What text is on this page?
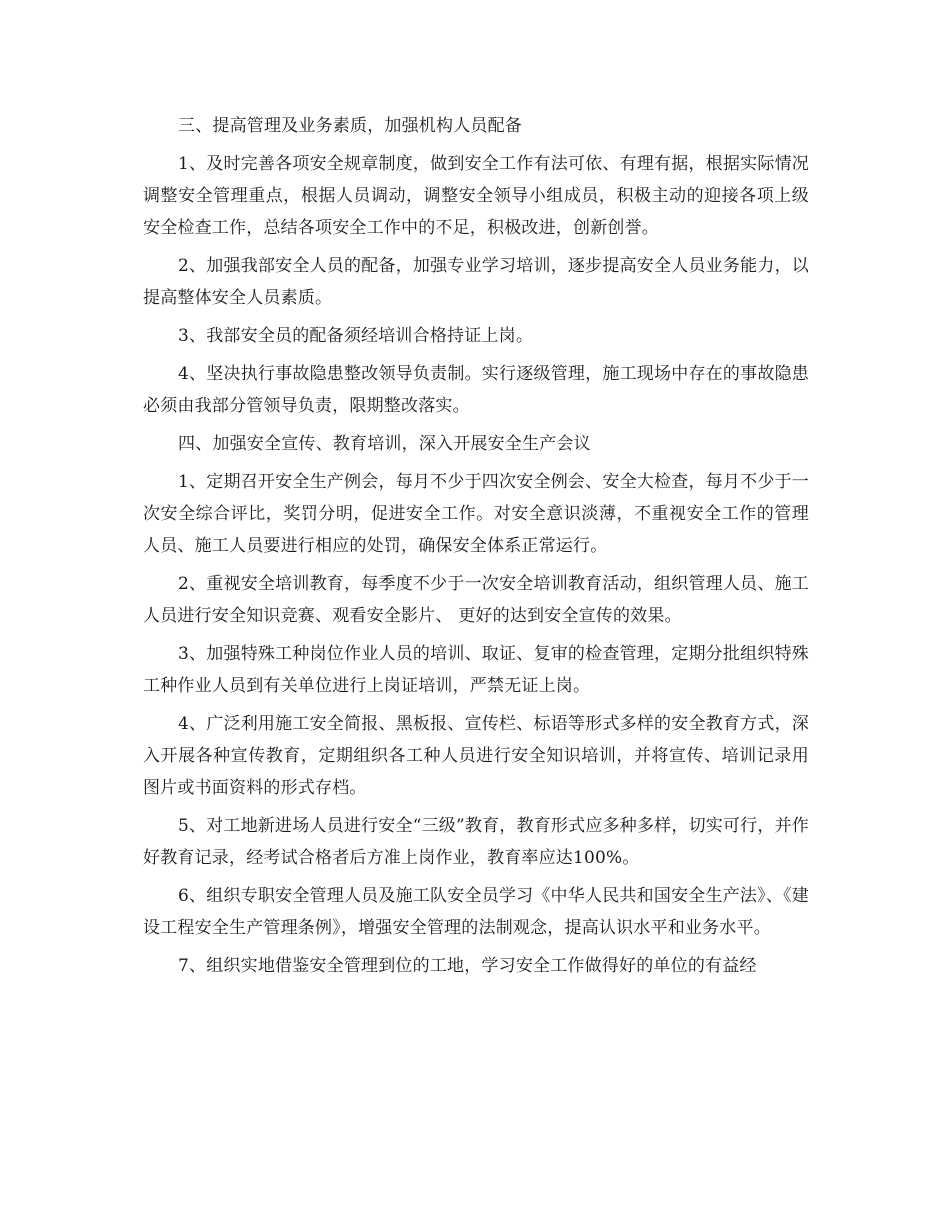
三、提高管理及业务素质，加强机构人员配备

1、及时完善各项安全规章制度，做到安全工作有法可依、有理有据，根据实际情况调整安全管理重点，根据人员调动，调整安全领导小组成员，积极主动的迎接各项上级安全检查工作，总结各项安全工作中的不足，积极改进，创新创誉。

2、加强我部安全人员的配备，加强专业学习培训，逐步提高安全人员业务能力，以提高整体安全人员素质。

3、我部安全员的配备须经培训合格持证上岗。

4、坚决执行事故隐患整改领导负责制。实行逐级管理，施工现场中存在的事故隐患必须由我部分管领导负责，限期整改落实。

四、加强安全宣传、教育培训，深入开展安全生产会议

1、定期召开安全生产例会，每月不少于四次安全例会、安全大检查，每月不少于一次安全综合评比，奖罚分明，促进安全工作。对安全意识淡薄，不重视安全工作的管理人员、施工人员要进行相应的处罚，确保安全体系正常运行。

2、重视安全培训教育，每季度不少于一次安全培训教育活动，组织管理人员、施工人员进行安全知识竞赛、观看安全影片、 更好的达到安全宣传的效果。

3、加强特殊工种岗位作业人员的培训、取证、复审的检查管理，定期分批组织特殊工种作业人员到有关单位进行上岗证培训，严禁无证上岗。

4、广泛利用施工安全简报、黑板报、宣传栏、标语等形式多样的安全教育方式，深入开展各种宣传教育，定期组织各工种人员进行安全知识培训，并将宣传、培训记录用图片或书面资料的形式存档。

5、对工地新进场人员进行安全“三级”教育，教育形式应多种多样，切实可行，并作好教育记录，经考试合格者后方准上岗作业，教育率应达100%。

6、组织专职安全管理人员及施工队安全员学习《中华人民共和国安全生产法》、《建设工程安全生产管理条例》，增强安全管理的法制观念，提高认识水平和业务水平。

7、组织实地借鉴安全管理到位的工地，学习安全工作做得好的单位的有益经
